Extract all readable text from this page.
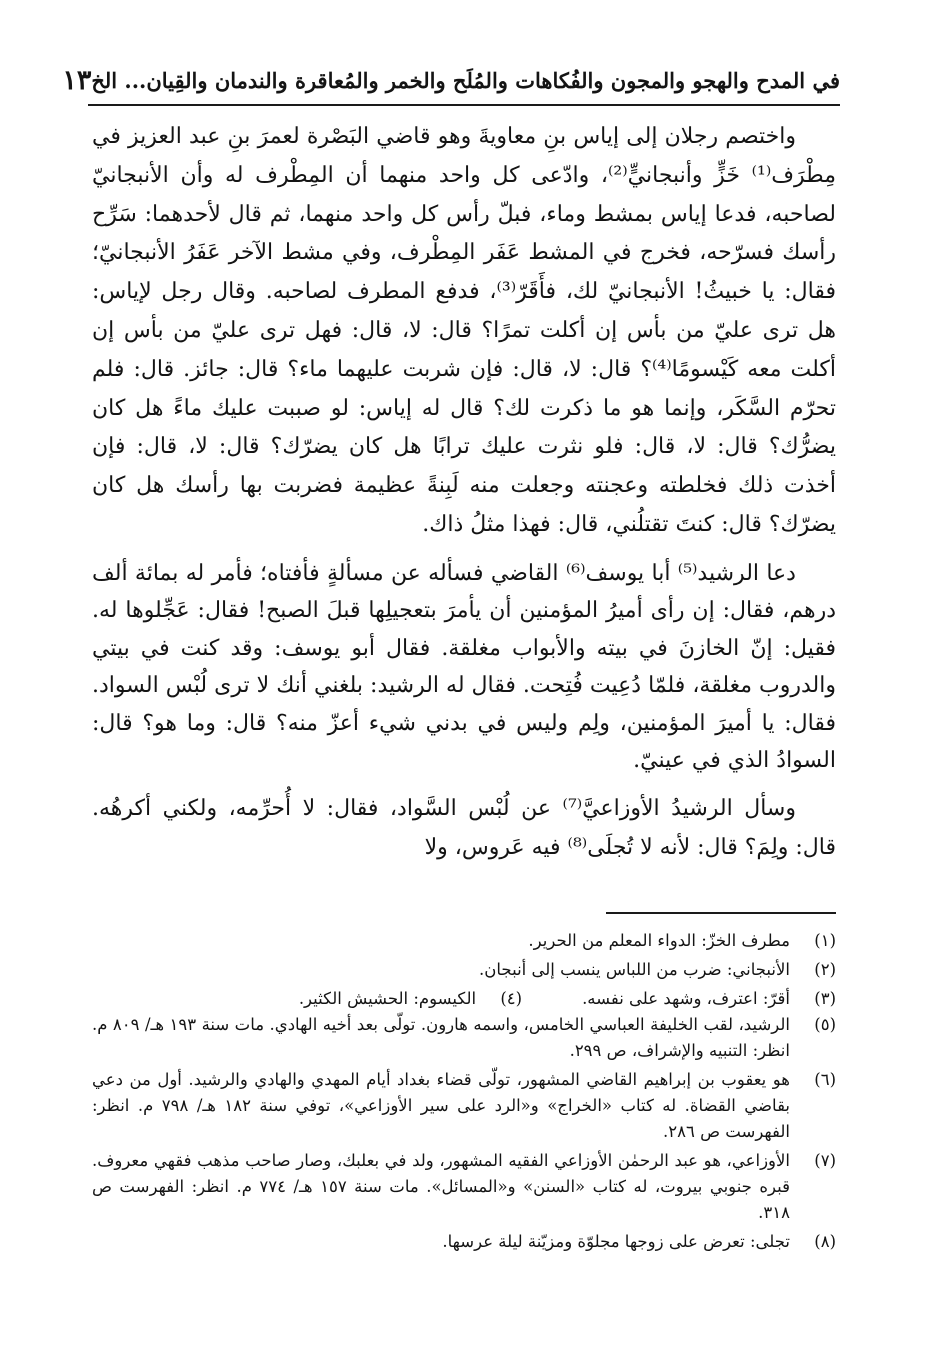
في المدح والهجو والمجون والفُكاهات والمُلَح والخمر والمُعاقرة والندمان والقِيان... الخ
١٣

واختصم رجلان إلى إياس بنِ معاويةَ وهو قاضي البَصْرة لعمرَ بنِ عبد العزيز في مِطْرَف⁽¹⁾ خَزٍّ وأنبجانيٍّ⁽²⁾، وادّعى كل واحد منهما أن المِطْرف له وأن الأنبجانيّ لصاحبه، فدعا إياس بمشط وماء، فبلّ رأس كل واحد منهما، ثم قال لأحدهما: سَرِّح رأسك فسرّحه، فخرج في المشط عَفَر المِطْرف، وفي مشط الآخر عَفَرُ الأنبجانيّ؛ فقال: يا خبيثُ! الأنبجانيّ لك، فأَقَرّ⁽³⁾، فدفع المطرف لصاحبه. وقال رجل لإياس: هل ترى عليّ من بأس إن أكلت تمرًا؟ قال: لا، قال: فهل ترى عليّ من بأس إن أكلت معه كَيْسومًا⁽⁴⁾؟ قال: لا، قال: فإن شربت عليهما ماء؟ قال: جائز. قال: فلم تحرّم السَّكَر، وإنما هو ما ذكرت لك؟ قال له إياس: لو صببت عليك ماءً هل كان يضرُّك؟ قال: لا، قال: فلو نثرت عليك ترابًا هل كان يضرّك؟ قال: لا، قال: فإن أخذت ذلك فخلطته وعجنته وجعلت منه لَبِنةً عظيمة فضربت بها رأسك هل كان يضرّك؟ قال: كنتَ تقتلُني، قال: فهذا مثلُ ذاك.

دعا الرشيد⁽⁵⁾ أبا يوسف⁽⁶⁾ القاضي فسأله عن مسألةٍ فأفتاه؛ فأمر له بمائة ألف درهم، فقال: إن رأى أميرُ المؤمنين أن يأمرَ بتعجيلِها قبلَ الصبح! فقال: عَجِّلوها له. فقيل: إنّ الخازنَ في بيته والأبواب مغلقة. فقال أبو يوسف: وقد كنت في بيتي والدروب مغلقة، فلمّا دُعِيت فُتِحت. فقال له الرشيد: بلغني أنك لا ترى لُبْس السواد. فقال: يا أميرَ المؤمنين، ولِم وليس في بدني شيء أعزّ منه؟ قال: وما هو؟ قال: السوادُ الذي في عينيّ.

وسأل الرشيدُ الأوزاعيَّ⁽⁷⁾ عن لُبْس السَّواد، فقال: لا أُحرِّمه، ولكني أكرهُه. قال: ولِمَ؟ قال: لأنه لا تُجلَى⁽⁸⁾ فيه عَروس، ولا

(١)
مطرف الخزّ: الدواء المعلم من الحرير.
(٢)
الأنبجاني: ضرب من اللباس ينسب إلى أنبجان.
(٣)
أقرّ: اعترف، وشهد على نفسه.
(٤)
الكيسوم: الحشيش الكثير.
(٥)
الرشيد، لقب الخليفة العباسي الخامس، واسمه هارون. تولّى بعد أخيه الهادي. مات سنة ١٩٣ هـ/ ٨٠٩ م. انظر: التنبيه والإشراف، ص ٢٩٩.
(٦)
هو يعقوب بن إبراهيم القاضي المشهور، تولّى قضاء بغداد أيام المهدي والهادي والرشيد. أول من دعي بقاضي القضاة. له كتاب «الخراج» و«الرد على سير الأوزاعي»، توفي سنة ١٨٢ هـ/ ٧٩٨ م. انظر: الفهرست ص ٢٨٦.
(٧)
الأوزاعي، هو عبد الرحمٰن الأوزاعي الفقيه المشهور، ولد في بعلبك، وصار صاحب مذهب فقهي معروف. قبره جنوبي بيروت، له كتاب «السنن» و«المسائل». مات سنة ١٥٧ هـ/ ٧٧٤ م. انظر: الفهرست ص ٣١٨.
(٨)
تجلى: تعرض على زوجها مجلوّة ومزيّنة ليلة عرسها.
